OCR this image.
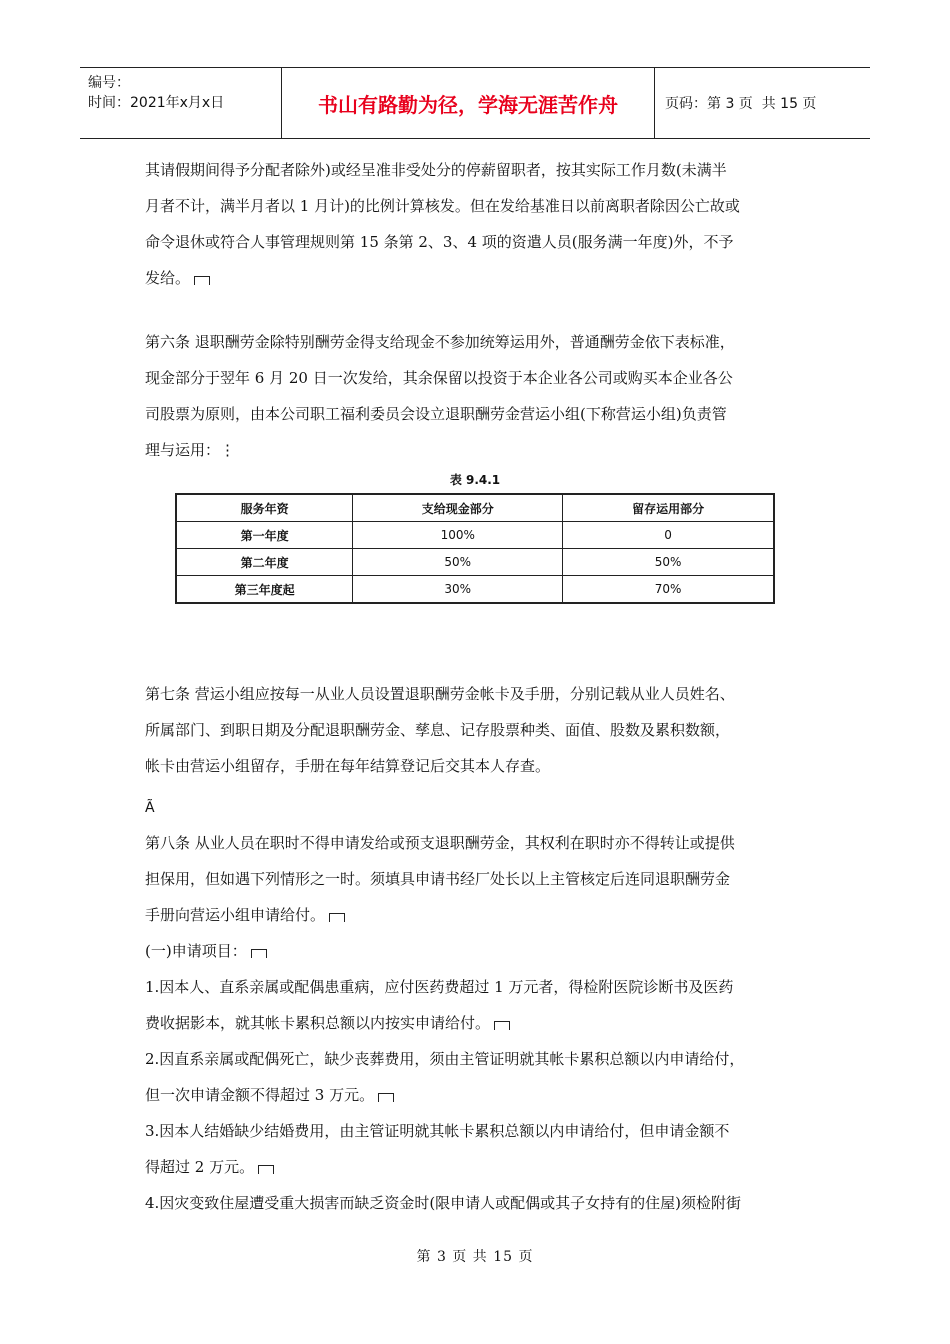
编号：
时间：2021年x月x日	书山有路勤为径，学海无涯苦作舟	页码：第 3 页  共 15 页
其请假期间得予分配者除外)或经呈准非受处分的停薪留职者，按其实际工作月数(未满半
月者不计，满半月者以 1 月计)的比例计算核发。但在发给基准日以前离职者除因公亡故或
命令退休或符合人事管理规则第 15 条第 2、3、4 项的资遣人员(服务满一年度)外，不予
发给。
第六条 退职酬劳金除特别酬劳金得支给现金不参加统筹运用外，普通酬劳金依下表标准，
现金部分于翌年 6 月 20 日一次发给，其余保留以投资于本企业各公司或购买本企业各公
司股票为原则，由本公司职工福利委员会设立退职酬劳金营运小组(下称营运小组)负责管
理与运用：⋮
表 9.4.1
服务年资	支给现金部分	留存运用部分
第一年度	100%	0
第二年度	50%	50%
第三年度起	30%	70%
第七条 营运小组应按每一从业人员设置退职酬劳金帐卡及手册，分别记载从业人员姓名、
所属部门、到职日期及分配退职酬劳金、孳息、记存股票种类、面值、股数及累积数额，
帐卡由营运小组留存，手册在每年结算登记后交其本人存查。
Ã
第八条 从业人员在职时不得申请发给或预支退职酬劳金，其权利在职时亦不得转让或提供
担保用，但如遇下列情形之一时。须填具申请书经厂处长以上主管核定后连同退职酬劳金
手册向营运小组申请给付。
(一)申请项目：
1.因本人、直系亲属或配偶患重病，应付医药费超过 1 万元者，得检附医院诊断书及医药
费收据影本，就其帐卡累积总额以内按实申请给付。
2.因直系亲属或配偶死亡，缺少丧葬费用，须由主管证明就其帐卡累积总额以内申请给付，
但一次申请金额不得超过 3 万元。
3.因本人结婚缺少结婚费用，由主管证明就其帐卡累积总额以内申请给付，但申请金额不
得超过 2 万元。
4.因灾变致住屋遭受重大损害而缺乏资金时(限申请人或配偶或其子女持有的住屋)须检附街
第 3 页 共 15 页
